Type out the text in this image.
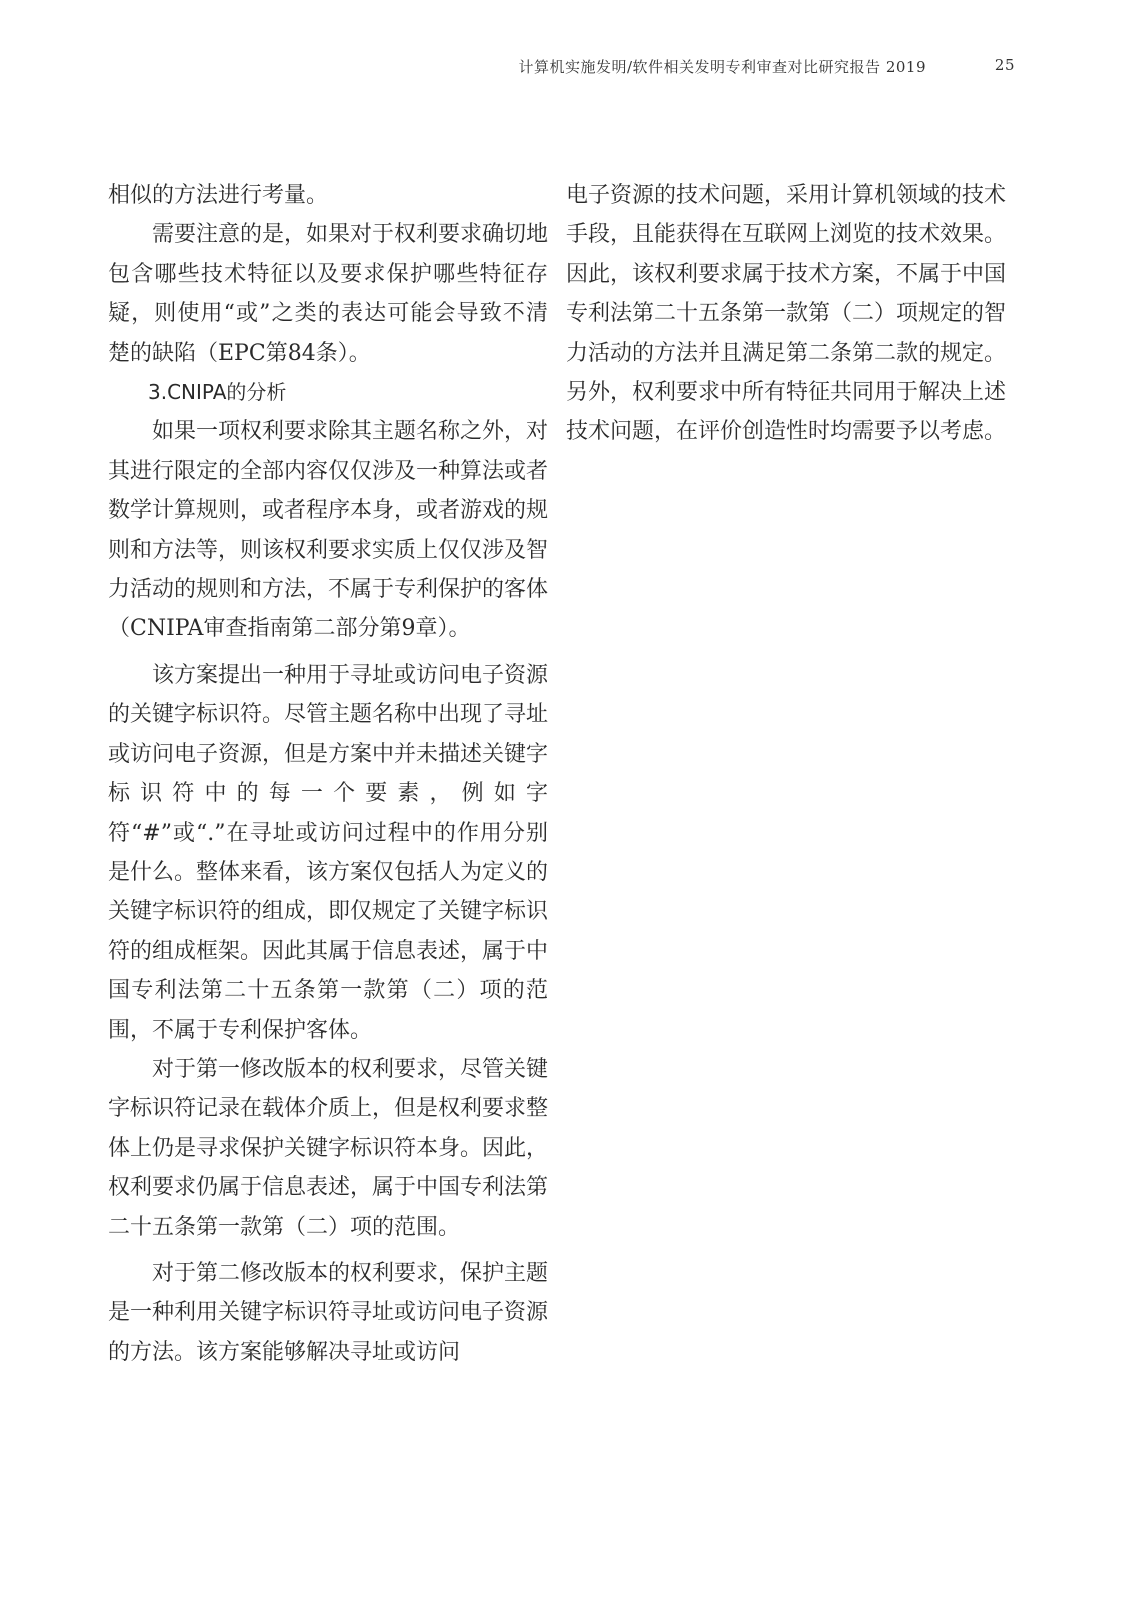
计算机实施发明/软件相关发明专利审查对比研究报告 2019	25

相似的方法进行考量。

需要注意的是，如果对于权利要求确切地包含哪些技术特征以及要求保护哪些特征存疑，则使用“或”之类的表达可能会导致不清楚的缺陷（EPC第84条）。

3.CNIPA的分析

如果一项权利要求除其主题名称之外，对其进行限定的全部内容仅仅涉及一种算法或者数学计算规则，或者程序本身，或者游戏的规则和方法等，则该权利要求实质上仅仅涉及智力活动的规则和方法，不属于专利保护的客体（CNIPA审查指南第二部分第9章）。

该方案提出一种用于寻址或访问电子资源的关键字标识符。尽管主题名称中出现了寻址或访问电子资源，但是方案中并未描述关键字标识符中的每一个要素，例如字符“#”或“.”在寻址或访问过程中的作用分别是什么。整体来看，该方案仅包括人为定义的关键字标识符的组成，即仅规定了关键字标识符的组成框架。因此其属于信息表述，属于中国专利法第二十五条第一款第（二）项的范围，不属于专利保护客体。

对于第一修改版本的权利要求，尽管关键字标识符记录在载体介质上，但是权利要求整体上仍是寻求保护关键字标识符本身。因此，权利要求仍属于信息表述，属于中国专利法第二十五条第一款第（二）项的范围。

对于第二修改版本的权利要求，保护主题是一种利用关键字标识符寻址或访问电子资源的方法。该方案能够解决寻址或访问

电子资源的技术问题，采用计算机领域的技术手段，且能获得在互联网上浏览的技术效果。因此，该权利要求属于技术方案，不属于中国专利法第二十五条第一款第（二）项规定的智力活动的方法并且满足第二条第二款的规定。另外，权利要求中所有特征共同用于解决上述技术问题，在评价创造性时均需要予以考虑。
